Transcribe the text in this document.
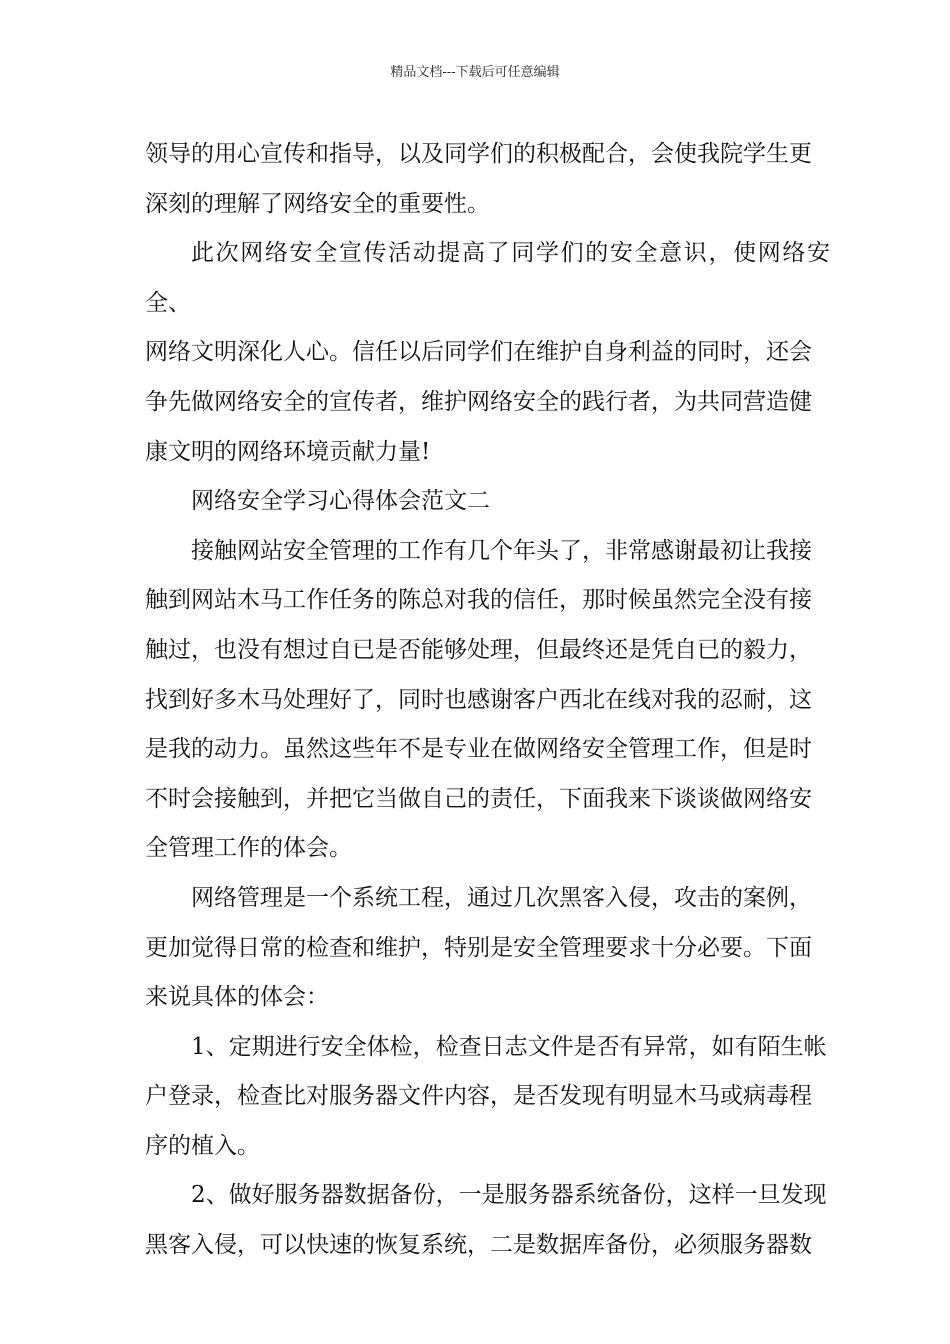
精品文档---下载后可任意编辑

领导的用心宣传和指导，以及同学们的积极配合，会使我院学生更
深刻的理解了网络安全的重要性。

此次网络安全宣传活动提高了同学们的安全意识，使网络安全、
网络文明深化人心。信任以后同学们在维护自身利益的同时，还会
争先做网络安全的宣传者，维护网络安全的践行者，为共同营造健
康文明的网络环境贡献力量!

网络安全学习心得体会范文二

接触网站安全管理的工作有几个年头了，非常感谢最初让我接
触到网站木马工作任务的陈总对我的信任，那时候虽然完全没有接
触过，也没有想过自已是否能够处理，但最终还是凭自已的毅力，
找到好多木马处理好了，同时也感谢客户西北在线对我的忍耐，这
是我的动力。虽然这些年不是专业在做网络安全管理工作，但是时
不时会接触到，并把它当做自己的责任，下面我来下谈谈做网络安
全管理工作的体会。

网络管理是一个系统工程，通过几次黑客入侵，攻击的案例，
更加觉得日常的检查和维护，特别是安全管理要求十分必要。下面
来说具体的体会：

1、定期进行安全体检，检查日志文件是否有异常，如有陌生帐
户登录，检查比对服务器文件内容，是否发现有明显木马或病毒程
序的植入。

2、做好服务器数据备份，一是服务器系统备份，这样一旦发现
黑客入侵，可以快速的恢复系统，二是数据库备份，必须服务器数
